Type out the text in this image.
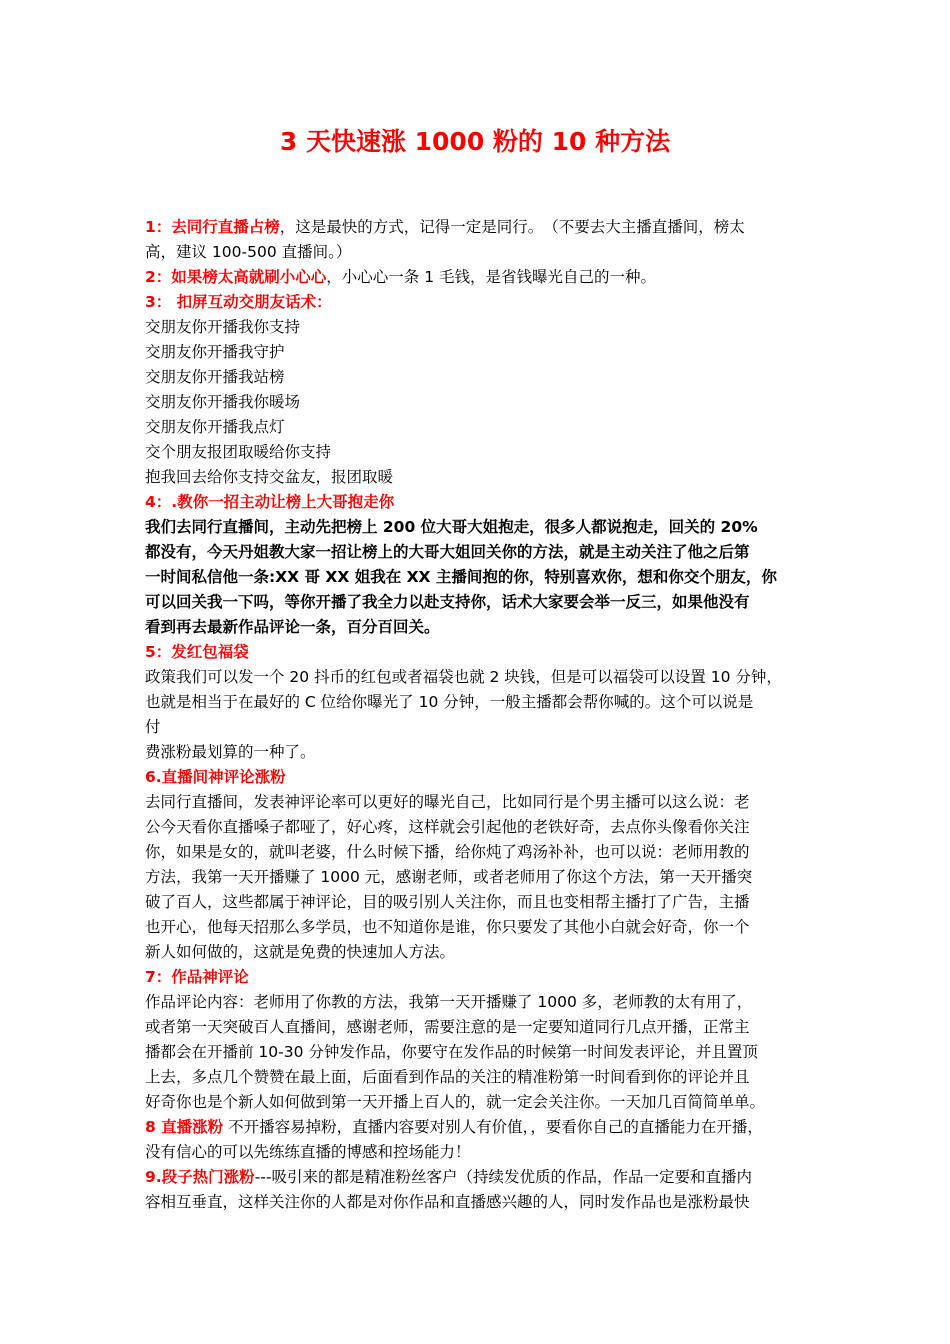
3 天快速涨 1000 粉的 10 种方法
1：去同行直播占榜，这是最快的方式，记得一定是同行。　（不要去大主播直播间，榜太
高，建议 100-500 直播间。）
2：如果榜太高就刷小心心，小心心一条 1 毛钱，是省钱曝光自己的一种。
3： 扣屏互动交朋友话术：
交朋友你开播我你支持
交朋友你开播我守护
交朋友你开播我站榜
交朋友你开播我你暖场
交朋友你开播我点灯
交个朋友报团取暖给你支持
抱我回去给你支持交盆友，报团取暖
4：.教你一招主动让榜上大哥抱走你
我们去同行直播间，主动先把榜上 200 位大哥大姐抱走，很多人都说抱走，回关的 20%
都没有，今天丹姐教大家一招让榜上的大哥大姐回关你的方法，就是主动关注了他之后第
一时间私信他一条:XX 哥 XX 姐我在 XX 主播间抱的你，特别喜欢你，想和你交个朋友，你
可以回关我一下吗，等你开播了我全力以赴支持你，话术大家要会举一反三，如果他没有
看到再去最新作品评论一条，百分百回关。
5：发红包福袋
政策我们可以发一个 20 抖币的红包或者福袋也就 2 块钱，但是可以福袋可以设置 10 分钟，
也就是相当于在最好的 C 位给你曝光了 10 分钟，一般主播都会帮你喊的。这个可以说是
付
费涨粉最划算的一种了。
6.直播间神评论涨粉
去同行直播间，发表神评论率可以更好的曝光自己，比如同行是个男主播可以这么说：老
公今天看你直播嗓子都哑了，好心疼，这样就会引起他的老铁好奇，去点你头像看你关注
你，如果是女的，就叫老婆，什么时候下播，给你炖了鸡汤补补，也可以说：老师用教的
方法，我第一天开播赚了 1000 元，感谢老师，或者老师用了你这个方法，第一天开播突
破了百人，这些都属于神评论，目的吸引别人关注你，而且也变相帮主播打了广告，主播
也开心，他每天招那么多学员，也不知道你是谁，你只要发了其他小白就会好奇，你一个
新人如何做的，这就是免费的快速加人方法。
7：作品神评论
作品评论内容：老师用了你教的方法，我第一天开播赚了 1000 多，老师教的太有用了，
或者第一天突破百人直播间，感谢老师，需要注意的是一定要知道同行几点开播，正常主
播都会在开播前 10-30 分钟发作品，你要守在发作品的时候第一时间发表评论，并且置顶
上去，多点几个赞赞在最上面，后面看到作品的关注的精准粉第一时间看到你的评论并且
好奇你也是个新人如何做到第一天开播上百人的，就一定会关注你。一天加几百简简单单。
8 直播涨粉 不开播容易掉粉，直播内容要对别人有价值，，要看你自己的直播能力在开播，
没有信心的可以先练练直播的博感和控场能力！
9.段子热门涨粉---吸引来的都是精准粉丝客户（持续发优质的作品，作品一定要和直播内
容相互垂直，这样关注你的人都是对你作品和直播感兴趣的人，同时发作品也是涨粉最快
